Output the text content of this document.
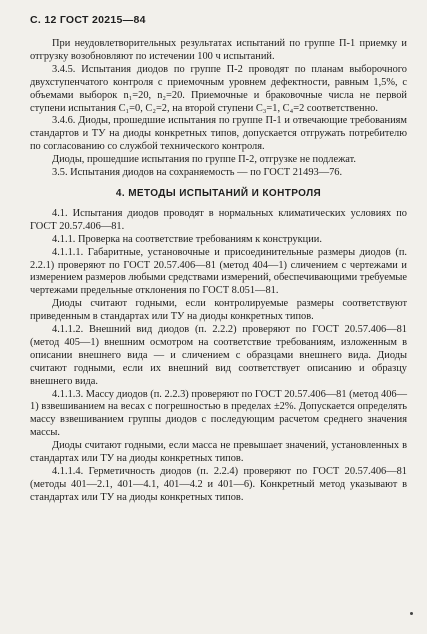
С. 12 ГОСТ 20215—84

При неудовлетворительных результатах испытаний по группе П-1 приемку и отгрузку возобновляют по истечении 100 ч испытаний.

3.4.5. Испытания диодов по группе П-2 проводят по планам выборочного двухступенчатого контроля с приемочным уровнем дефектности, равным 1,5%, с объемами выборок n₁=20, n₂=20. Приемочные и браковочные числа не первой ступени испытания C₁=0, C₂=2, на второй ступени C₃=1, C₄=2 соответственно.

3.4.6. Диоды, прошедшие испытания по группе П-1 и отвечающие требованиям стандартов и ТУ на диоды конкретных типов, допускается отгружать потребителю по согласованию со службой технического контроля.

Диоды, прошедшие испытания по группе П-2, отгрузке не подлежат.

3.5. Испытания диодов на сохраняемость — по ГОСТ 21493—76.

4. МЕТОДЫ ИСПЫТАНИЙ И КОНТРОЛЯ

4.1. Испытания диодов проводят в нормальных климатических условиях по ГОСТ 20.57.406—81.

4.1.1. Проверка на соответствие требованиям к конструкции.

4.1.1.1. Габаритные, установочные и присоединительные размеры диодов (п. 2.2.1) проверяют по ГОСТ 20.57.406—81 (метод 404—1) сличением с чертежами и измерением размеров любыми средствами измерений, обеспечивающими требуемые чертежами предельные отклонения по ГОСТ 8.051—81.

Диоды считают годными, если контролируемые размеры соответствуют приведенным в стандартах или ТУ на диоды конкретных типов.

4.1.1.2. Внешний вид диодов (п. 2.2.2) проверяют по ГОСТ 20.57.406—81 (метод 405—1) внешним осмотром на соответствие требованиям, изложенным в описании внешнего вида — и сличением с образцами внешнего вида. Диоды считают годными, если их внешний вид соответствует описанию и образцу внешнего вида.

4.1.1.3. Массу диодов (п. 2.2.3) проверяют по ГОСТ 20.57.406—81 (метод 406—1) взвешиванием на весах с погрешностью в пределах ±2%. Допускается определять массу взвешиванием группы диодов с последующим расчетом среднего значения массы.

Диоды считают годными, если масса не превышает значений, установленных в стандартах или ТУ на диоды конкретных типов.

4.1.1.4. Герметичность диодов (п. 2.2.4) проверяют по ГОСТ 20.57.406—81 (методы 401—2.1, 401—4.1, 401—4.2 и 401—6). Конкретный метод указывают в стандартах или ТУ на диоды конкретных типов.
